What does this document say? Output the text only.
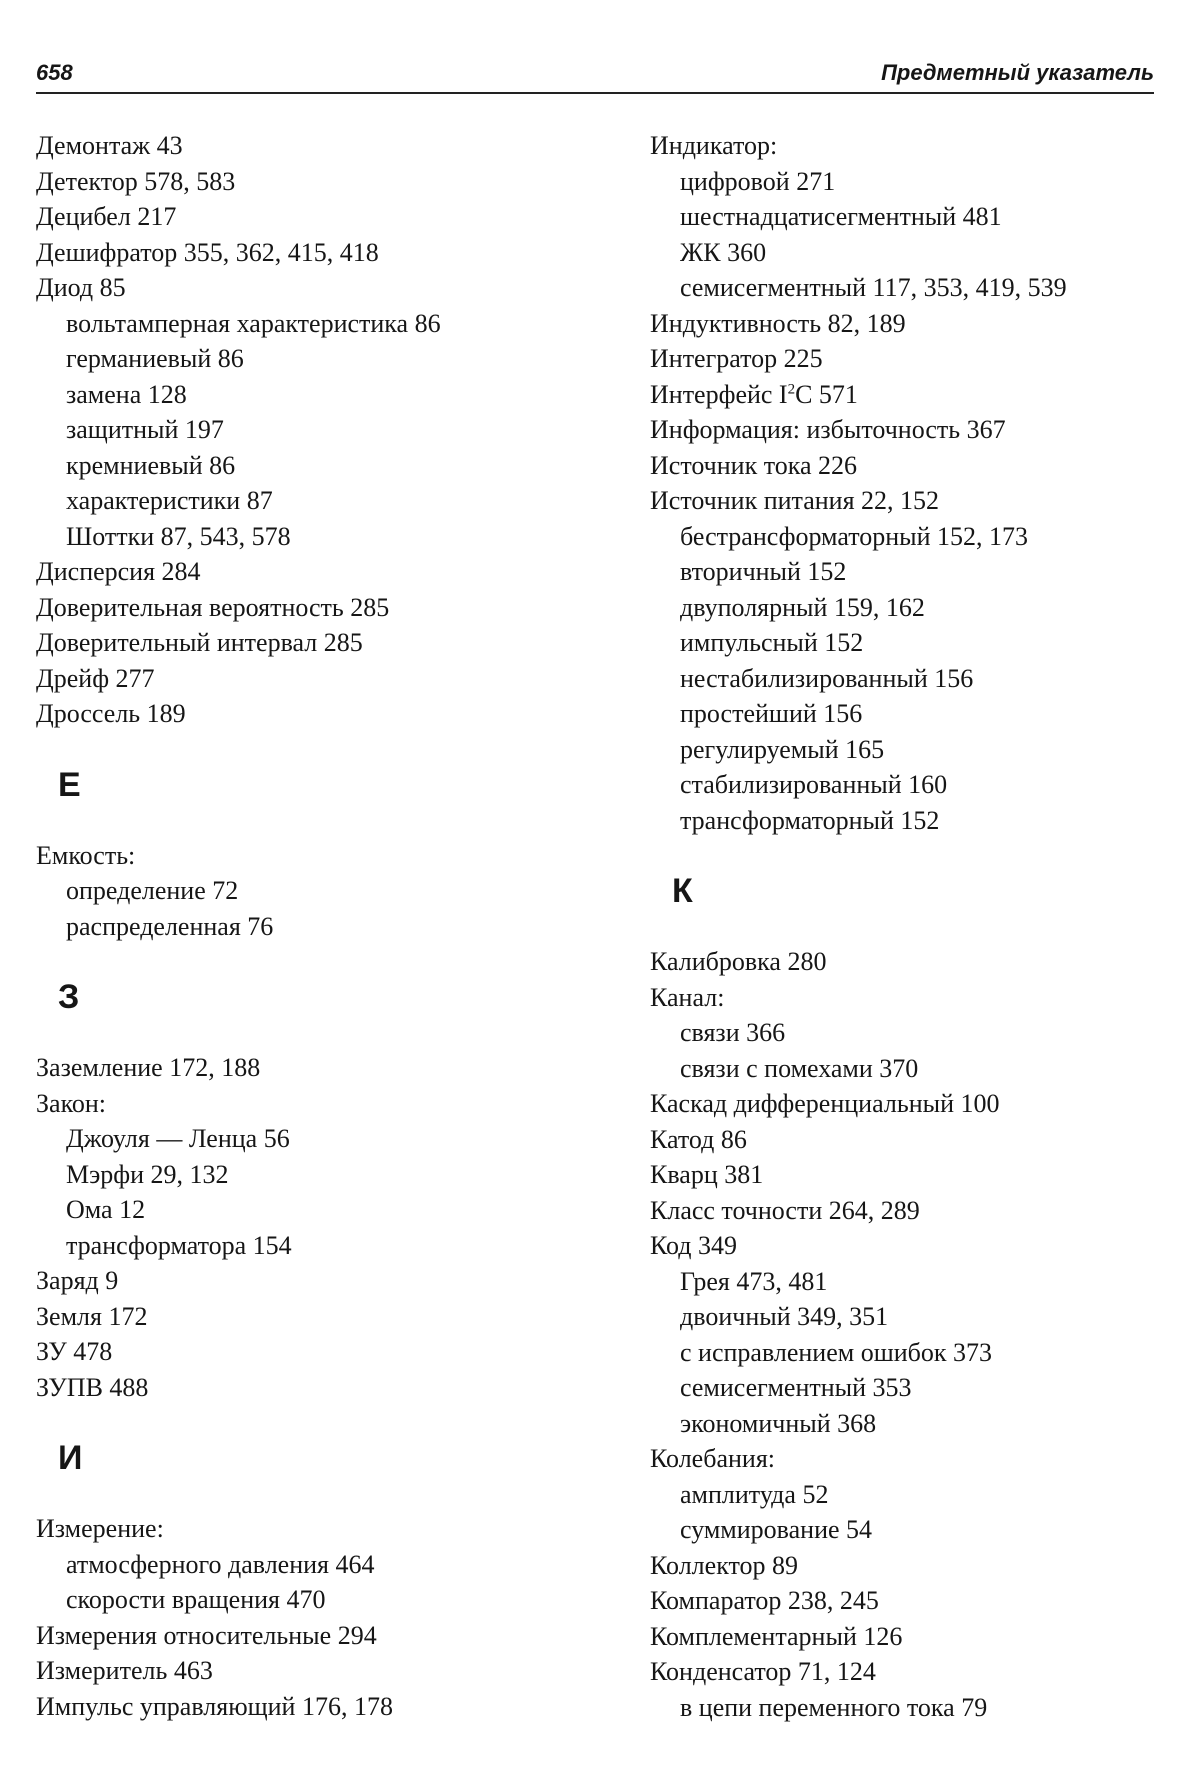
658	Предметный указатель
Демонтаж 43
Детектор 578, 583
Децибел 217
Дешифратор 355, 362, 415, 418
Диод 85
вольтамперная характеристика 86
германиевый 86
замена 128
защитный 197
кремниевый 86
характеристики 87
Шоттки 87, 543, 578
Дисперсия 284
Доверительная вероятность 285
Доверительный интервал 285
Дрейф 277
Дроссель 189
Е
Емкость:
определение 72
распределенная 76
З
Заземление 172, 188
Закон:
Джоуля — Ленца 56
Мэрфи 29, 132
Ома 12
трансформатора 154
Заряд 9
Земля 172
ЗУ 478
ЗУПВ 488
И
Измерение:
атмосферного давления 464
скорости вращения 470
Измерения относительные 294
Измеритель 463
Импульс управляющий 176, 178
Индикатор:
цифровой 271
шестнадцатисегментный 481
ЖК 360
семисегментный 117, 353, 419, 539
Индуктивность 82, 189
Интегратор 225
Интерфейс $I^2C$ 571
Информация: избыточность 367
Источник тока 226
Источник питания 22, 152
бестрансформаторный 152, 173
вторичный 152
двуполярный 159, 162
импульсный 152
нестабилизированный 156
простейший 156
регулируемый 165
стабилизированный 160
трансформаторный 152
К
Калибровка 280
Канал:
связи 366
связи с помехами 370
Каскад дифференциальный 100
Катод 86
Кварц 381
Класс точности 264, 289
Код 349
Грея 473, 481
двоичный 349, 351
с исправлением ошибок 373
семисегментный 353
экономичный 368
Колебания:
амплитуда 52
суммирование 54
Коллектор 89
Компаратор 238, 245
Комплементарный 126
Конденсатор 71, 124
в цепи переменного тока 79
